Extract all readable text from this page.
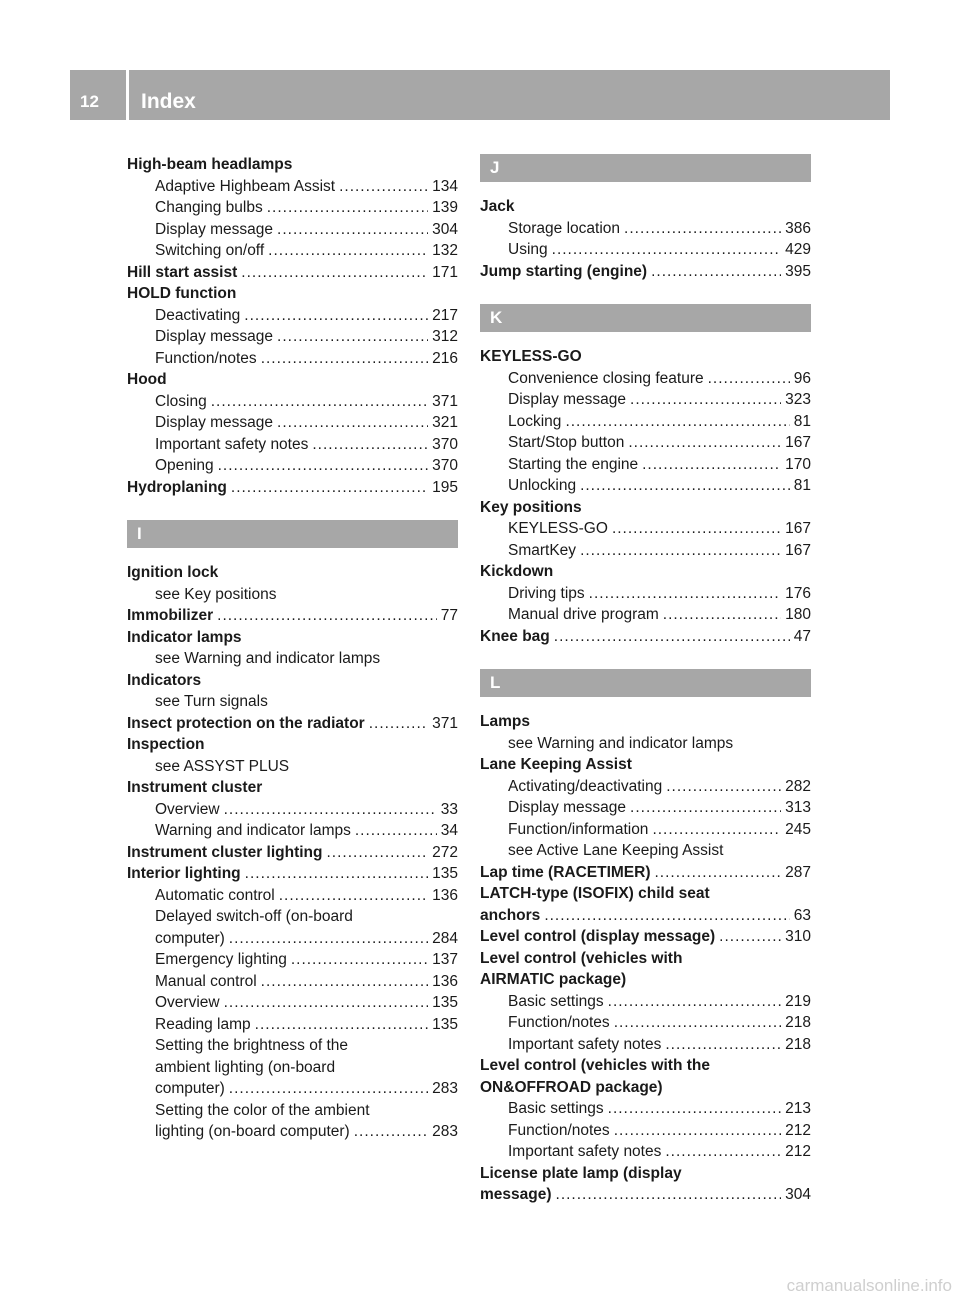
12 Index
High-beam headlamps
Adaptive Highbeam Assist .....	134
Changing bulbs .....	139
Display message .....	304
Switching on/off .....	132
Hill start assist .....	171
HOLD function
Deactivating .....	217
Display message .....	312
Function/notes .....	216
Hood
Closing .....	371
Display message .....	321
Important safety notes .....	370
Opening .....	370
Hydroplaning .....	195
I
Ignition lock
see Key positions
Immobilizer .....	77
Indicator lamps
see Warning and indicator lamps
Indicators
see Turn signals
Insect protection on the radiator .....	371
Inspection
see ASSYST PLUS
Instrument cluster
Overview .....	33
Warning and indicator lamps .....	34
Instrument cluster lighting .....	272
Interior lighting .....	135
Automatic control .....	136
Delayed switch-off (on-board
computer) .....	284
Emergency lighting .....	137
Manual control .....	136
Overview .....	135
Reading lamp .....	135
Setting the brightness of the
ambient lighting (on-board
computer) .....	283
Setting the color of the ambient
lighting (on-board computer) .....	283
J
Jack
Storage location .....	386
Using .....	429
Jump starting (engine) .....	395
K
KEYLESS-GO
Convenience closing feature .....	96
Display message .....	323
Locking .....	81
Start/Stop button .....	167
Starting the engine .....	170
Unlocking .....	81
Key positions
KEYLESS-GO .....	167
SmartKey .....	167
Kickdown
Driving tips .....	176
Manual drive program .....	180
Knee bag .....	47
L
Lamps
see Warning and indicator lamps
Lane Keeping Assist
Activating/deactivating .....	282
Display message .....	313
Function/information .....	245
see Active Lane Keeping Assist
Lap time (RACETIMER) .....	287
LATCH-type (ISOFIX) child seat
anchors .....	63
Level control (display message) .....	310
Level control (vehicles with
AIRMATIC package)
Basic settings .....	219
Function/notes .....	218
Important safety notes .....	218
Level control (vehicles with the
ON&OFFROAD package)
Basic settings .....	213
Function/notes .....	212
Important safety notes .....	212
License plate lamp (display
message) .....	304
carmanualsonline.info
